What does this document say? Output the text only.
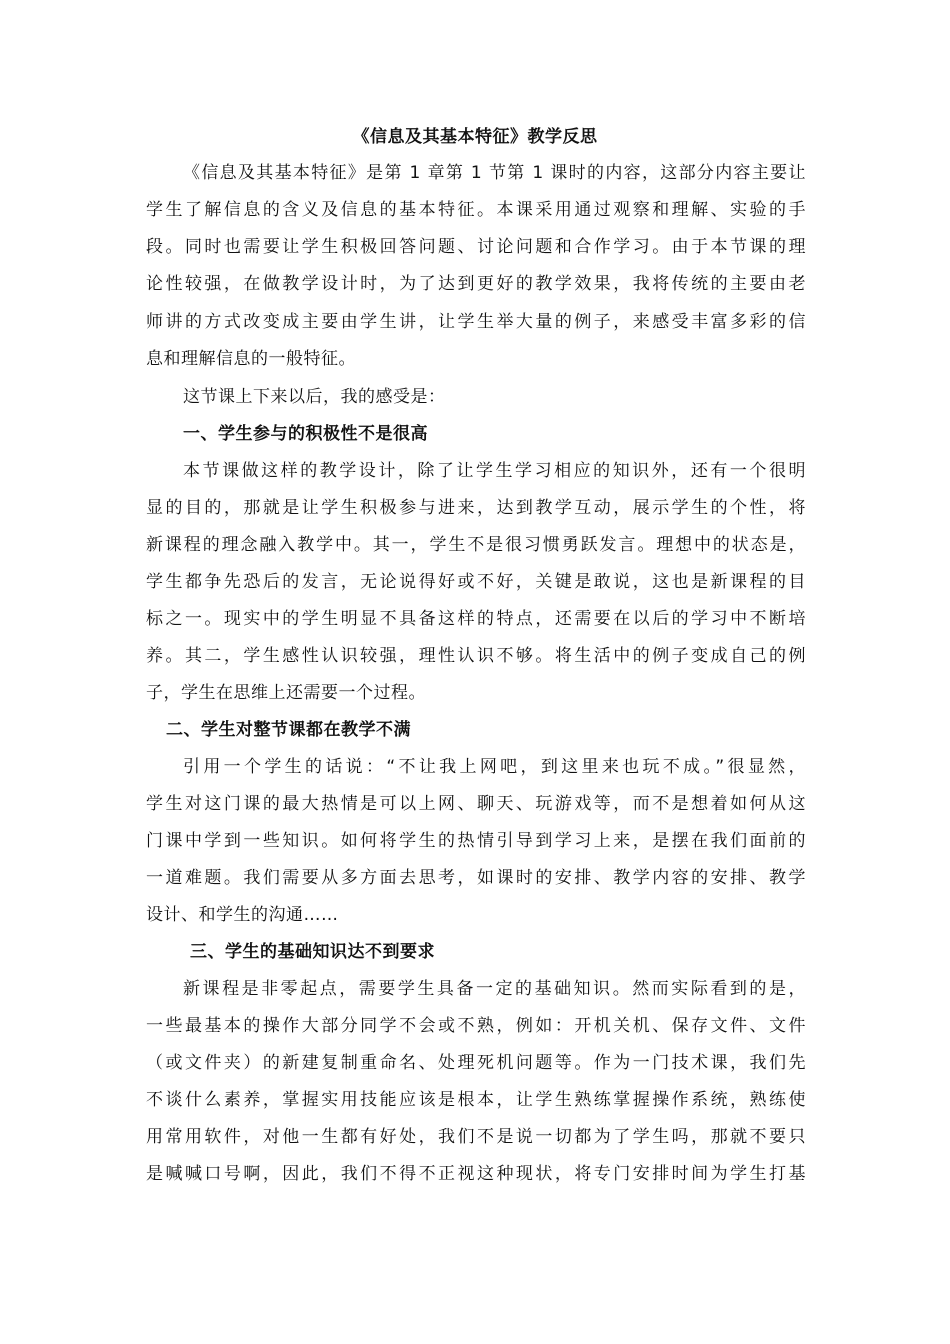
《信息及其基本特征》教学反思
《信息及其基本特征》是第 1 章第 1 节第 1 课时的内容，这部分内容主要让
学生了解信息的含义及信息的基本特征。本课采用通过观察和理解、实验的手
段。同时也需要让学生积极回答问题、讨论问题和合作学习。由于本节课的理
论性较强，在做教学设计时，为了达到更好的教学效果，我将传统的主要由老
师讲的方式改变成主要由学生讲，让学生举大量的例子，来感受丰富多彩的信
息和理解信息的一般特征。
这节课上下来以后，我的感受是：
一、学生参与的积极性不是很高
本节课做这样的教学设计，除了让学生学习相应的知识外，还有一个很明
显的目的，那就是让学生积极参与进来，达到教学互动，展示学生的个性，将
新课程的理念融入教学中。其一，学生不是很习惯勇跃发言。理想中的状态是，
学生都争先恐后的发言，无论说得好或不好，关键是敢说，这也是新课程的目
标之一。现实中的学生明显不具备这样的特点，还需要在以后的学习中不断培
养。其二，学生感性认识较强，理性认识不够。将生活中的例子变成自己的例
子，学生在思维上还需要一个过程。
二、学生对整节课都在教学不满
引用一个学生的话说：“不让我上网吧，到这里来也玩不成。”很显然，
学生对这门课的最大热情是可以上网、聊天、玩游戏等，而不是想着如何从这
门课中学到一些知识。如何将学生的热情引导到学习上来，是摆在我们面前的
一道难题。我们需要从多方面去思考，如课时的安排、教学内容的安排、教学
设计、和学生的沟通……
三、学生的基础知识达不到要求
新课程是非零起点，需要学生具备一定的基础知识。然而实际看到的是，
一些最基本的操作大部分同学不会或不熟，例如：开机关机、保存文件、文件
（或文件夹）的新建复制重命名、处理死机问题等。作为一门技术课，我们先
不谈什么素养，掌握实用技能应该是根本，让学生熟练掌握操作系统，熟练使
用常用软件，对他一生都有好处，我们不是说一切都为了学生吗，那就不要只
是喊喊口号啊，因此，我们不得不正视这种现状，将专门安排时间为学生打基
